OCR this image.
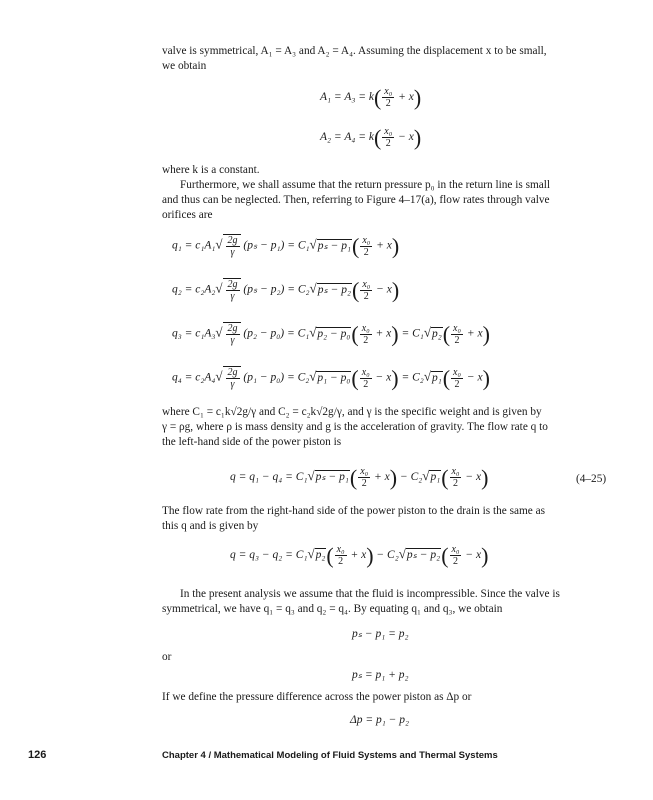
valve is symmetrical, A₁ = A₃ and A₂ = A₄. Assuming the displacement x to be small,
we obtain
$A_1 = A_3 = k( \frac{\text{x₀}}{2} + x)$
$A_2 = A_4 = k( \frac{\text{x₀}}{2} - x)$
where k is a constant.
Furthermore, we shall assume that the return pressure p₀ in the return line is small
and thus can be neglected. Then, referring to Figure 4–17(a), flow rates through valve
orifices are
$q_1 = c_1A_1√ \frac{2g}{\gamma} (p_s - p_1) = C_1√p_s - p_1( \frac{\text{x₀}}{2} + x)$
$q_2 = c_2A_2√ \frac{2g}{\gamma} (p_s - p_2) = C_2√p_s - p_2( \frac{\text{x₀}}{2} - x)$
$q_3 = c_1A_3√ \frac{2g}{\gamma} (p_2 - p_0) = C_1√p_2 - p_0( \frac{\text{x₀}}{2} + x) = C_1√p_2( \frac{\text{x₀}}{2} + x)$
$q_4 = c_2A_4√ \frac{2g}{\gamma} (p_1 - p_0) = C_2√p_1 - p_0( \frac{\text{x₀}}{2} - x) = C_2√p_1( \frac{\text{x₀}}{2} - x)$
where C₁ = c₁k√2g/γ and C₂ = c₂k√2g/γ, and γ is the specific weight and is given by
γ = ρg, where ρ is mass density and g is the acceleration of gravity. The flow rate q to
the left-hand side of the power piston is
$q = q_1 - q_4 = C_1√p_s - p_1( \frac{\text{x₀}}{2} + x) - C_2√p_1( \frac{\text{x₀}}{2} - x)$	(4–25)
The flow rate from the right-hand side of the power piston to the drain is the same as
this q and is given by
$q = q_3 - q_2 = C_1√p_2( \frac{\text{x₀}}{2} + x) - C_2√p_s - p_2( \frac{\text{x₀}}{2} - x)$
In the present analysis we assume that the fluid is incompressible. Since the valve is
symmetrical, we have q₁ = q₃ and q₂ = q₄. By equating q₁ and q₃, we obtain
pₛ − p₁ = p₂
or
pₛ = p₁ + p₂
If we define the pressure difference across the power piston as Δp or
Δp = p₁ − p₂
126	Chapter 4 / Mathematical Modeling of Fluid Systems and Thermal Systems
